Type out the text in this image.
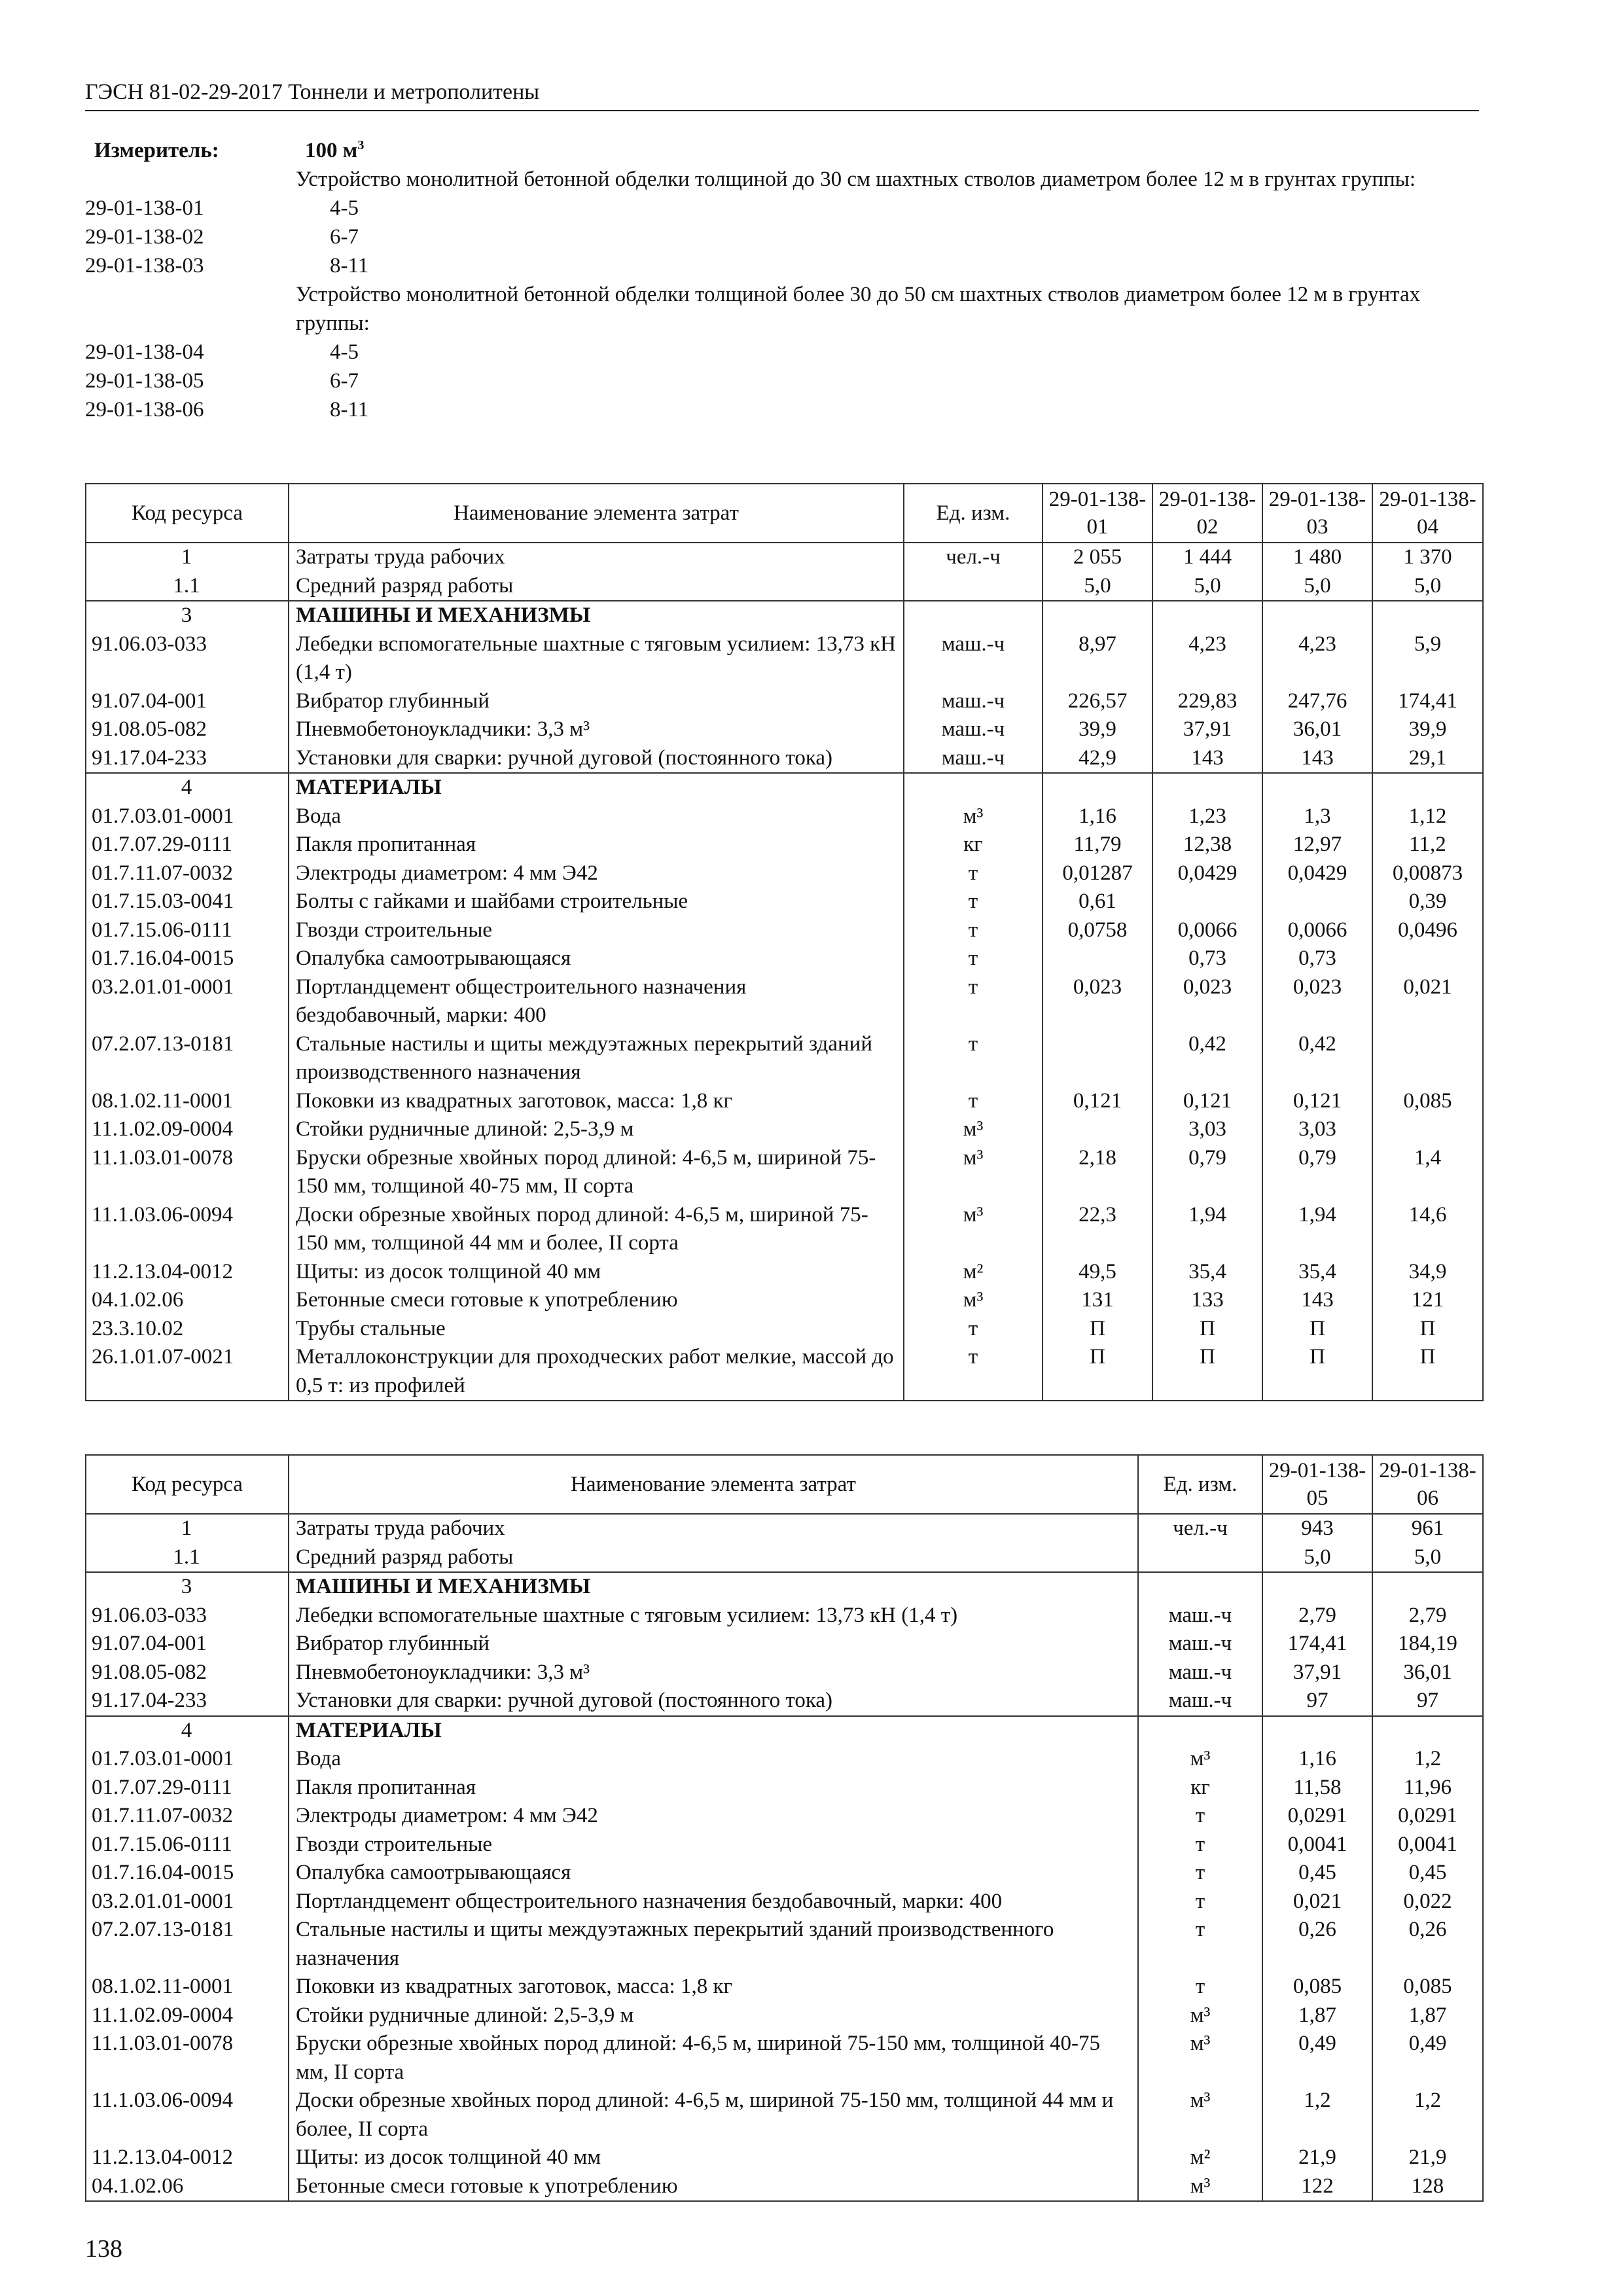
ГЭСН 81-02-29-2017 Тоннели и метрополитены
Измеритель:	100 $м^3$
Устройство монолитной бетонной обделки толщиной до 30 см шахтных стволов диаметром более 12 м в грунтах группы:
29-01-138-01	4-5
29-01-138-02	6-7
29-01-138-03	8-11
Устройство монолитной бетонной обделки толщиной более 30 до 50 см шахтных стволов диаметром более 12 м в грунтах группы:
29-01-138-04	4-5
29-01-138-05	6-7
29-01-138-06	8-11
Код ресурса	Наименование элемента затрат	Ед. изм.	29-01-138-01	29-01-138-02	29-01-138-03	29-01-138-04
1	Затраты труда рабочих	чел.-ч	2 055	1 444	1 480	1 370
1.1	Средний разряд работы		5,0	5,0	5,0	5,0
3	МАШИНЫ И МЕХАНИЗМЫ					
91.06.03-033	Лебедки вспомогательные шахтные с тяговым усилием: 13,73 кН (1,4 т)	маш.-ч	8,97	4,23	4,23	5,9
91.07.04-001	Вибратор глубинный	маш.-ч	226,57	229,83	247,76	174,41
91.08.05-082	Пневмобетоноукладчики: 3,3 м³	маш.-ч	39,9	37,91	36,01	39,9
91.17.04-233	Установки для сварки: ручной дуговой (постоянного тока)	маш.-ч	42,9	143	143	29,1
4	МАТЕРИАЛЫ					
01.7.03.01-0001	Вода	м³	1,16	1,23	1,3	1,12
01.7.07.29-0111	Пакля пропитанная	кг	11,79	12,38	12,97	11,2
01.7.11.07-0032	Электроды диаметром: 4 мм Э42	т	0,01287	0,0429	0,0429	0,00873
01.7.15.03-0041	Болты с гайками и шайбами строительные	т	0,61			0,39
01.7.15.06-0111	Гвозди строительные	т	0,0758	0,0066	0,0066	0,0496
01.7.16.04-0015	Опалубка самоотрывающаяся	т		0,73	0,73	
03.2.01.01-0001	Портландцемент общестроительного назначения бездобавочный, марки: 400	т	0,023	0,023	0,023	0,021
07.2.07.13-0181	Стальные настилы и щиты междуэтажных перекрытий зданий производственного назначения	т		0,42	0,42	
08.1.02.11-0001	Поковки из квадратных заготовок, масса: 1,8 кг	т	0,121	0,121	0,121	0,085
11.1.02.09-0004	Стойки рудничные длиной: 2,5-3,9 м	м³		3,03	3,03	
11.1.03.01-0078	Бруски обрезные хвойных пород длиной: 4-6,5 м, шириной 75-150 мм, толщиной 40-75 мм, II сорта	м³	2,18	0,79	0,79	1,4
11.1.03.06-0094	Доски обрезные хвойных пород длиной: 4-6,5 м, шириной 75-150 мм, толщиной 44 мм и более, II сорта	м³	22,3	1,94	1,94	14,6
11.2.13.04-0012	Щиты: из досок толщиной 40 мм	м²	49,5	35,4	35,4	34,9
04.1.02.06	Бетонные смеси готовые к употреблению	м³	131	133	143	121
23.3.10.02	Трубы стальные	т	П	П	П	П
26.1.01.07-0021	Металлоконструкции для проходческих работ мелкие, массой до 0,5 т: из профилей	т	П	П	П	П
Код ресурса	Наименование элемента затрат	Ед. изм.	29-01-138-05	29-01-138-06
1	Затраты труда рабочих	чел.-ч	943	961
1.1	Средний разряд работы		5,0	5,0
3	МАШИНЫ И МЕХАНИЗМЫ			
91.06.03-033	Лебедки вспомогательные шахтные с тяговым усилием: 13,73 кН (1,4 т)	маш.-ч	2,79	2,79
91.07.04-001	Вибратор глубинный	маш.-ч	174,41	184,19
91.08.05-082	Пневмобетоноукладчики: 3,3 м³	маш.-ч	37,91	36,01
91.17.04-233	Установки для сварки: ручной дуговой (постоянного тока)	маш.-ч	97	97
4	МАТЕРИАЛЫ			
01.7.03.01-0001	Вода	м³	1,16	1,2
01.7.07.29-0111	Пакля пропитанная	кг	11,58	11,96
01.7.11.07-0032	Электроды диаметром: 4 мм Э42	т	0,0291	0,0291
01.7.15.06-0111	Гвозди строительные	т	0,0041	0,0041
01.7.16.04-0015	Опалубка самоотрывающаяся	т	0,45	0,45
03.2.01.01-0001	Портландцемент общестроительного назначения бездобавочный, марки: 400	т	0,021	0,022
07.2.07.13-0181	Стальные настилы и щиты междуэтажных перекрытий зданий производственного назначения	т	0,26	0,26
08.1.02.11-0001	Поковки из квадратных заготовок, масса: 1,8 кг	т	0,085	0,085
11.1.02.09-0004	Стойки рудничные длиной: 2,5-3,9 м	м³	1,87	1,87
11.1.03.01-0078	Бруски обрезные хвойных пород длиной: 4-6,5 м, шириной 75-150 мм, толщиной 40-75 мм, II сорта	м³	0,49	0,49
11.1.03.06-0094	Доски обрезные хвойных пород длиной: 4-6,5 м, шириной 75-150 мм, толщиной 44 мм и более, II сорта	м³	1,2	1,2
11.2.13.04-0012	Щиты: из досок толщиной 40 мм	м²	21,9	21,9
04.1.02.06	Бетонные смеси готовые к употреблению	м³	122	128
138
